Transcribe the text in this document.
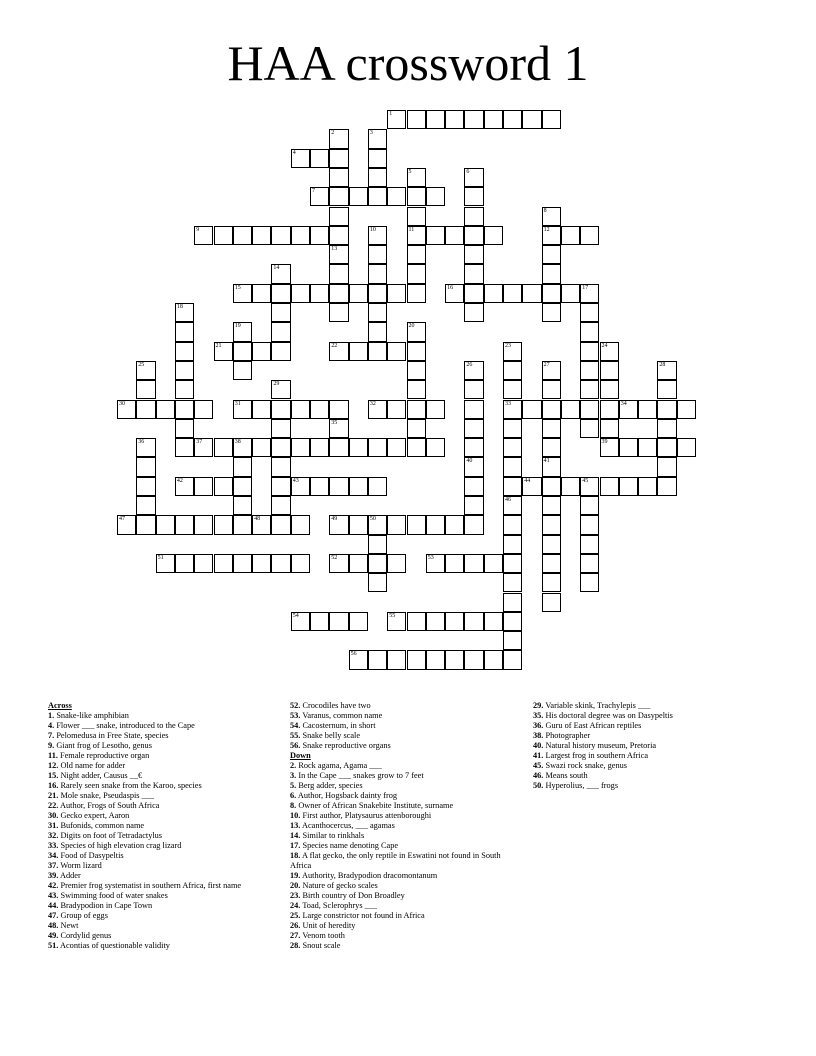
HAA crossword 1
1
4
7
9	11	12
15	16
21	22
30	31	32	33	34
37	38	39
42	43	44	45
47	48	49	50
51	52	53
54	55
56
2
13
3
5	6
8
10
14
17
18
19	20
23	24
25	26	27	28
29
35
36
40	41
46
Across
1. Snake-like amphibian
4. Flower ___ snake, introduced to the Cape
7. Pelomedusa in Free State, species
9. Giant frog of Lesotho, genus
11. Female reproductive organ
12. Old name for adder
15. Night adder, Causus __€
16. Rarely seen snake from the Karoo, species
21. Mole snake, Pseudaspis ___
22. Author, Frogs of South Africa
30. Gecko expert, Aaron
31. Bufonids, common name
32. Digits on foot of Tetradactylus
33. Species of high elevation crag lizard
34. Food of Dasypeltis
37. Worm lizard
39. Adder
42. Premier frog systematist in southern Africa, first name
43. Swimming food of water snakes
44. Bradypodion in Cape Town
47. Group of eggs
48. Newt
49. Cordylid genus
51. Acontias of questionable validity
52. Crocodiles have two
53. Varanus, common name
54. Cacosternum, in short
55. Snake belly scale
56. Snake reproductive organs
Down
2. Rock agama, Agama ___
3. In the Cape ___ snakes grow to 7 feet
5. Berg adder, species
6. Author, Hogsback dainty frog
8. Owner of African Snakebite Institute, surname
10. First author, Platysaurus attenboroughi
13. Acanthocercus, ___ agamas
14. Similar to rinkhals
17. Species name denoting Cape
18. A flat gecko, the only reptile in Eswatini not found in South Africa
19. Authority, Bradypodion dracomontanum
20. Nature of gecko scales
23. Birth country of Don Broadley
24. Toad, Sclerophrys ___
25. Large constrictor not found in Africa
26. Unit of heredity
27. Venom tooth
28. Snout scale
29. Variable skink, Trachylepis ___
35. His doctoral degree was on Dasypeltis
36. Guru of East African reptiles
38. Photographer
40. Natural history museum, Pretoria
41. Largest frog in southern Africa
45. Swazi rock snake, genus
46. Means south
50. Hyperolius, ___ frogs
